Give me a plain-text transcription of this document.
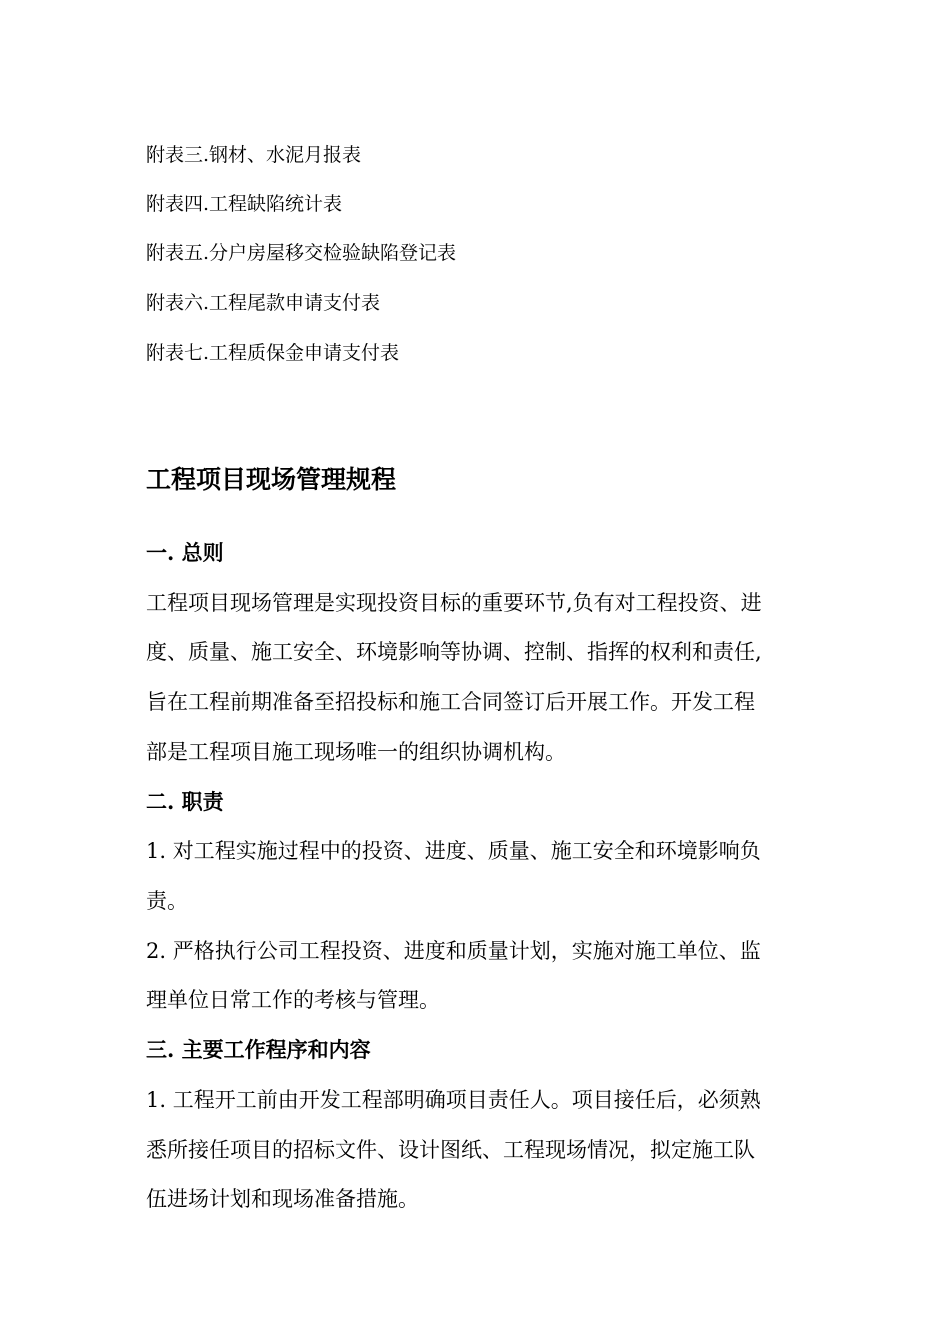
附表三.钢材、水泥月报表

附表四.工程缺陷统计表

附表五.分户房屋移交检验缺陷登记表

附表六.工程尾款申请支付表

附表七.工程质保金申请支付表

工程项目现场管理规程
一. 总则

工程项目现场管理是实现投资目标的重要环节,负有对工程投资、进

度、质量、施工安全、环境影响等协调、控制、指挥的权利和责任,

旨在工程前期准备至招投标和施工合同签订后开展工作。开发工程

部是工程项目施工现场唯一的组织协调机构。

二. 职责

1. 对工程实施过程中的投资、进度、质量、施工安全和环境影响负

责。

2. 严格执行公司工程投资、进度和质量计划，实施对施工单位、监

理单位日常工作的考核与管理。

三. 主要工作程序和内容

1. 工程开工前由开发工程部明确项目责任人。项目接任后，必须熟

悉所接任项目的招标文件、设计图纸、工程现场情况，拟定施工队

伍进场计划和现场准备措施。
